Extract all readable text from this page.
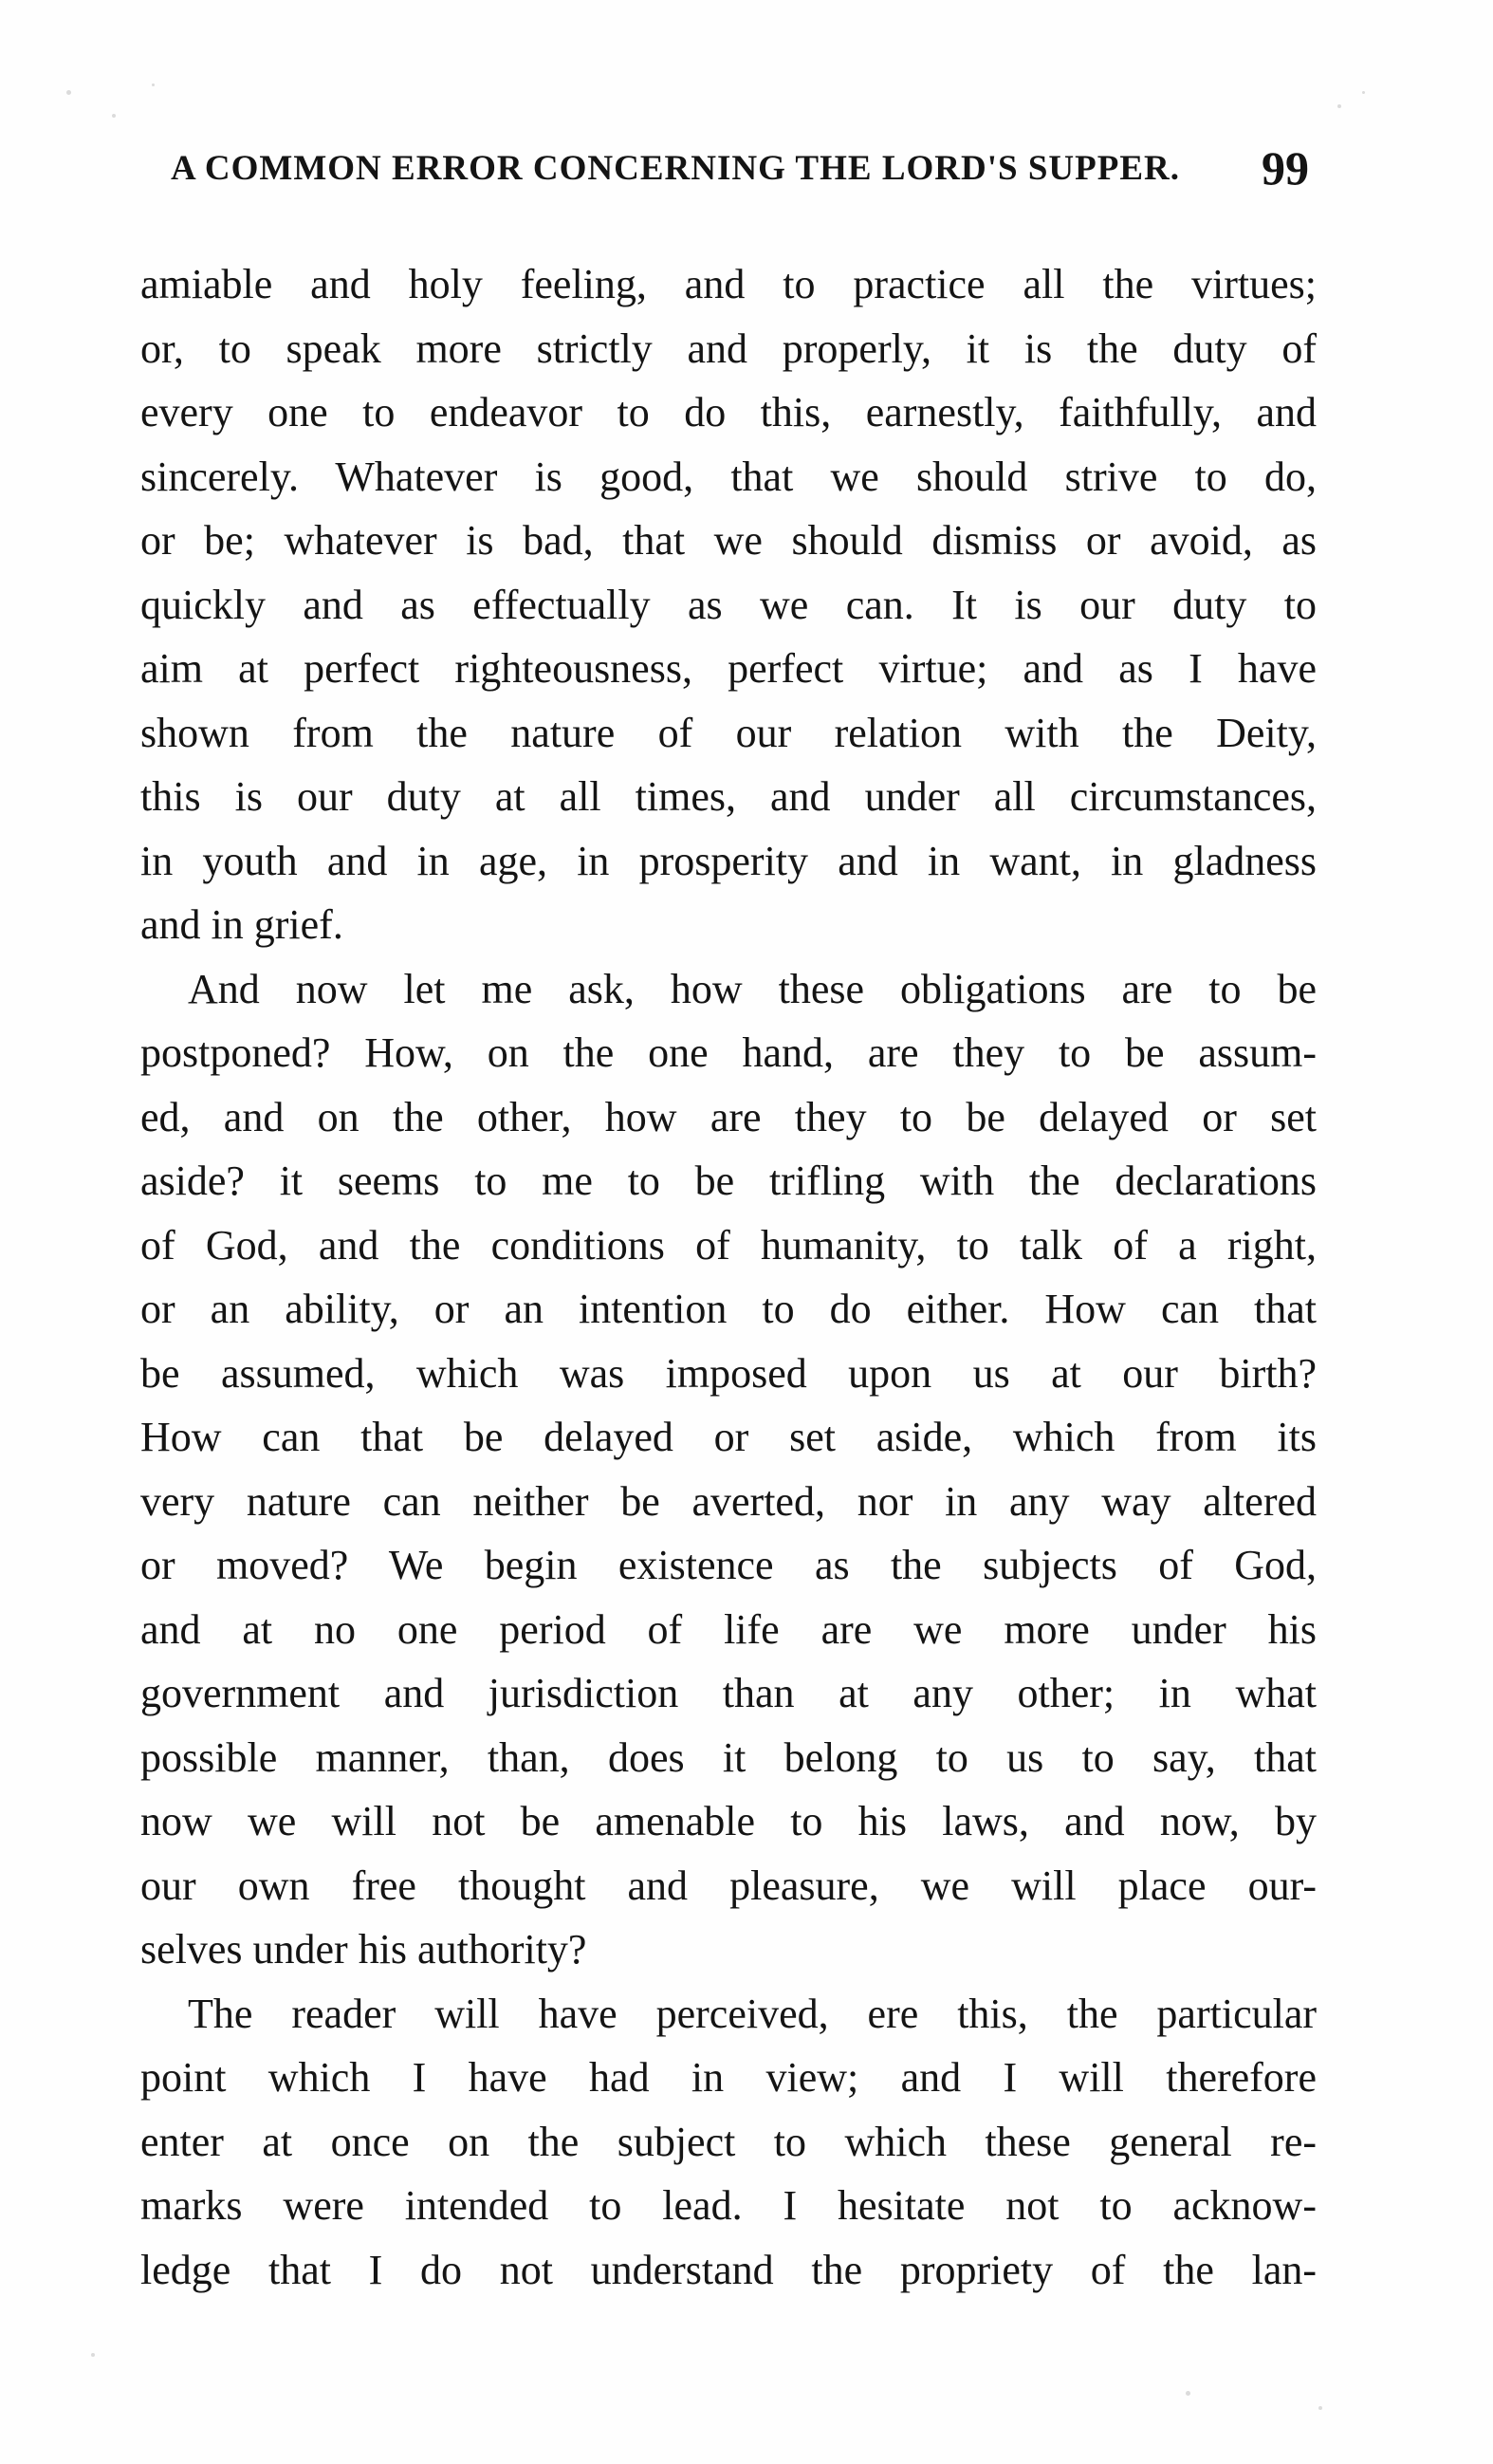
A COMMON ERROR CONCERNING THE LORD'S SUPPER. 99
amiable and holy feeling, and to practice all the virtues;
or, to speak more strictly and properly, it is the duty of
every one to endeavor to do this, earnestly, faithfully, and
sincerely. Whatever is good, that we should strive to do,
or be; whatever is bad, that we should dismiss or avoid, as
quickly and as effectually as we can. It is our duty to
aim at perfect righteousness, perfect virtue; and as I have
shown from the nature of our relation with the Deity,
this is our duty at all times, and under all circumstances,
in youth and in age, in prosperity and in want, in gladness
and in grief.
And now let me ask, how these obligations are to be
postponed? How, on the one hand, are they to be assum-
ed, and on the other, how are they to be delayed or set
aside? it seems to me to be trifling with the declarations
of God, and the conditions of humanity, to talk of a right,
or an ability, or an intention to do either. How can that
be assumed, which was imposed upon us at our birth?
How can that be delayed or set aside, which from its
very nature can neither be averted, nor in any way altered
or moved? We begin existence as the subjects of God,
and at no one period of life are we more under his
government and jurisdiction than at any other; in what
possible manner, than, does it belong to us to say, that
now we will not be amenable to his laws, and now, by
our own free thought and pleasure, we will place our-
selves under his authority?
The reader will have perceived, ere this, the particular
point which I have had in view; and I will therefore
enter at once on the subject to which these general re-
marks were intended to lead. I hesitate not to acknow-
ledge that I do not understand the propriety of the lan-
